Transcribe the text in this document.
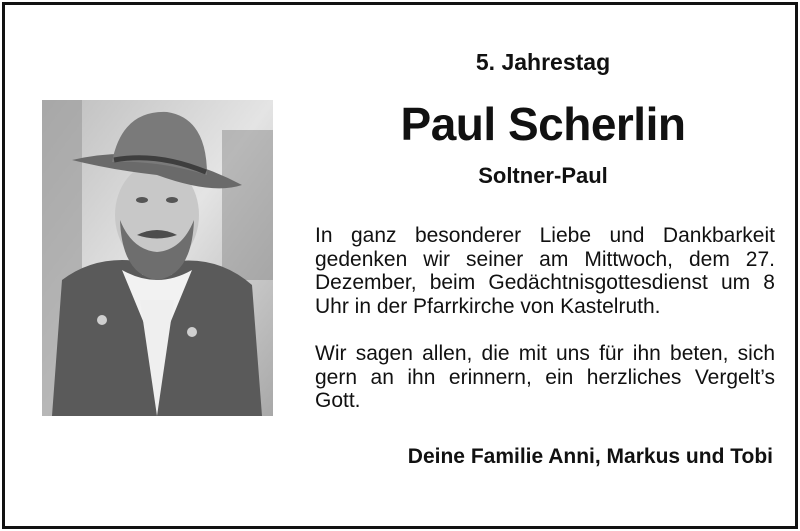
5. Jahrestag
Paul Scherlin
Soltner-Paul
In ganz besonderer Liebe und Dankbarkeit gedenken wir seiner am Mittwoch, dem 27. Dezember, beim Gedächtnisgottesdienst um 8 Uhr in der Pfarrkirche von Kastelruth.
Wir sagen allen, die mit uns für ihn beten, sich gern an ihn erinnern, ein herzliches Vergelt’s Gott.
Deine Familie Anni, Markus und Tobi
